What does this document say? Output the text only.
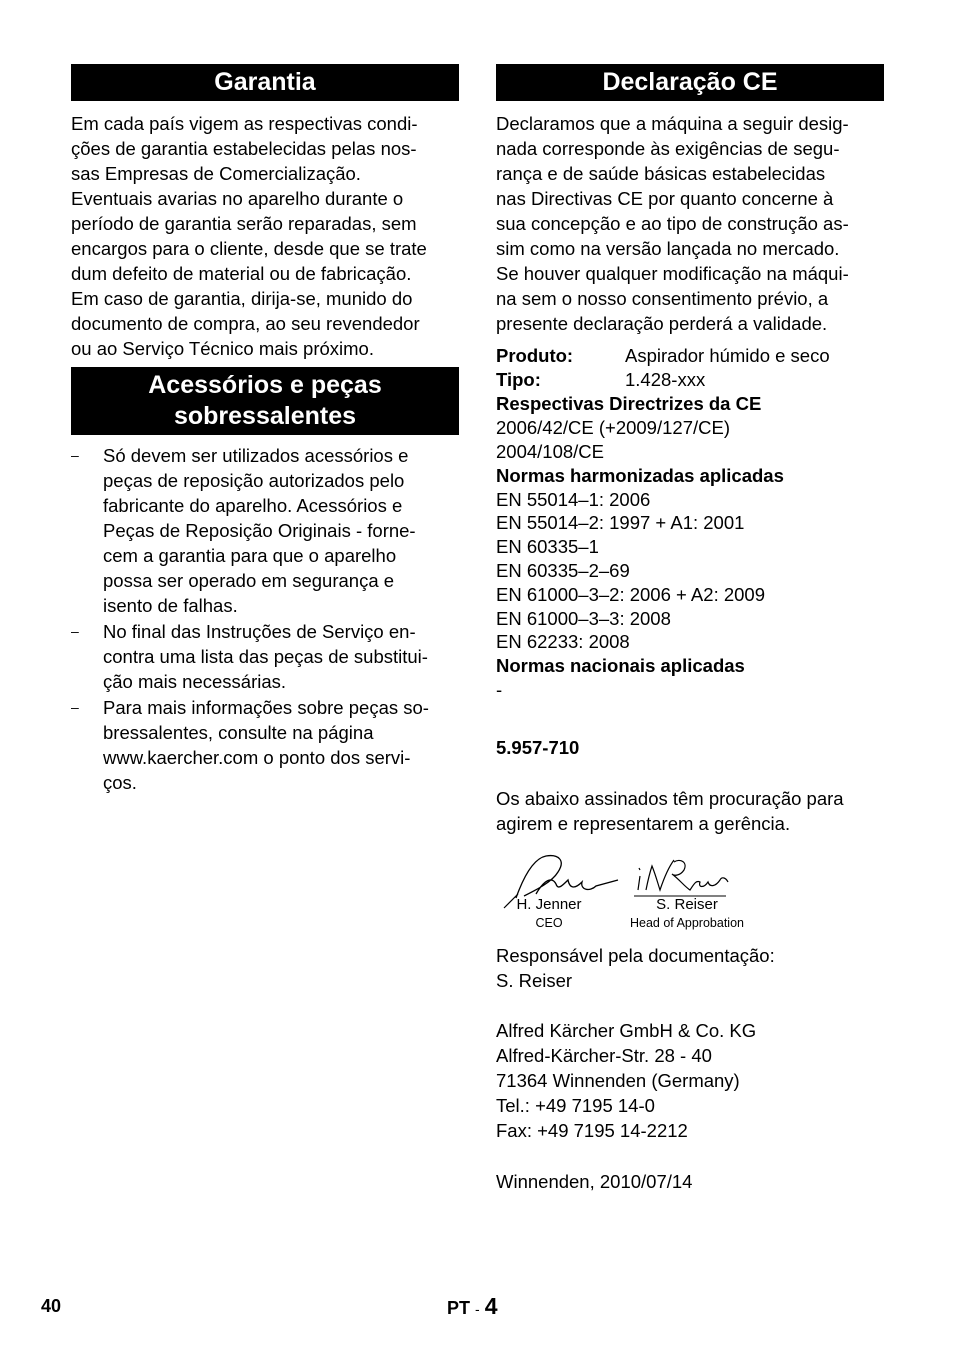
Garantia
Em cada país vigem as respectivas condi-
ções de garantia estabelecidas pelas nos-
sas Empresas de Comercialização.
Eventuais avarias no aparelho durante o
período de garantia serão reparadas, sem
encargos para o cliente, desde que se trate
dum defeito de material ou de fabricação.
Em caso de garantia, dirija-se, munido do
documento de compra, ao seu revendedor
ou ao Serviço Técnico mais próximo.
Acessórios e peças
sobressalentes
– Só devem ser utilizados acessórios e
peças de reposição autorizados pelo
fabricante do aparelho. Acessórios e
Peças de Reposição Originais - forne-
cem a garantia para que o aparelho
possa ser operado em segurança e
isento de falhas.
– No final das Instruções de Serviço en-
contra uma lista das peças de substitui-
ção mais necessárias.
– Para mais informações sobre peças so-
bressalentes, consulte na página
www.kaercher.com o ponto dos servi-
ços.
Declaração CE
Declaramos que a máquina a seguir desig-
nada corresponde às exigências de segu-
rança e de saúde básicas estabelecidas
nas Directivas CE por quanto concerne à
sua concepção e ao tipo de construção as-
sim como na versão lançada no mercado.
Se houver qualquer modificação na máqui-
na sem o nosso consentimento prévio, a
presente declaração perderá a validade.
Produto:	Aspirador húmido e seco
Tipo:	1.428-xxx
Respectivas Directrizes da CE
2006/42/CE (+2009/127/CE)
2004/108/CE
Normas harmonizadas aplicadas
EN 55014–1: 2006
EN 55014–2: 1997 + A1: 2001
EN 60335–1
EN 60335–2–69
EN 61000–3–2: 2006 + A2: 2009
EN 61000–3–3: 2008
EN 62233: 2008
Normas nacionais aplicadas
-
5.957-710
Os abaixo assinados têm procuração para
agirem e representarem a gerência.
H. Jenner
CEO
S. Reiser
Head of Approbation
Responsável pela documentação:
S. Reiser
Alfred Kärcher GmbH & Co. KG
Alfred-Kärcher-Str. 28 - 40
71364 Winnenden (Germany)
Tel.: +49 7195 14-0
Fax: +49 7195 14-2212
Winnenden, 2010/07/14
40	PT - 4
